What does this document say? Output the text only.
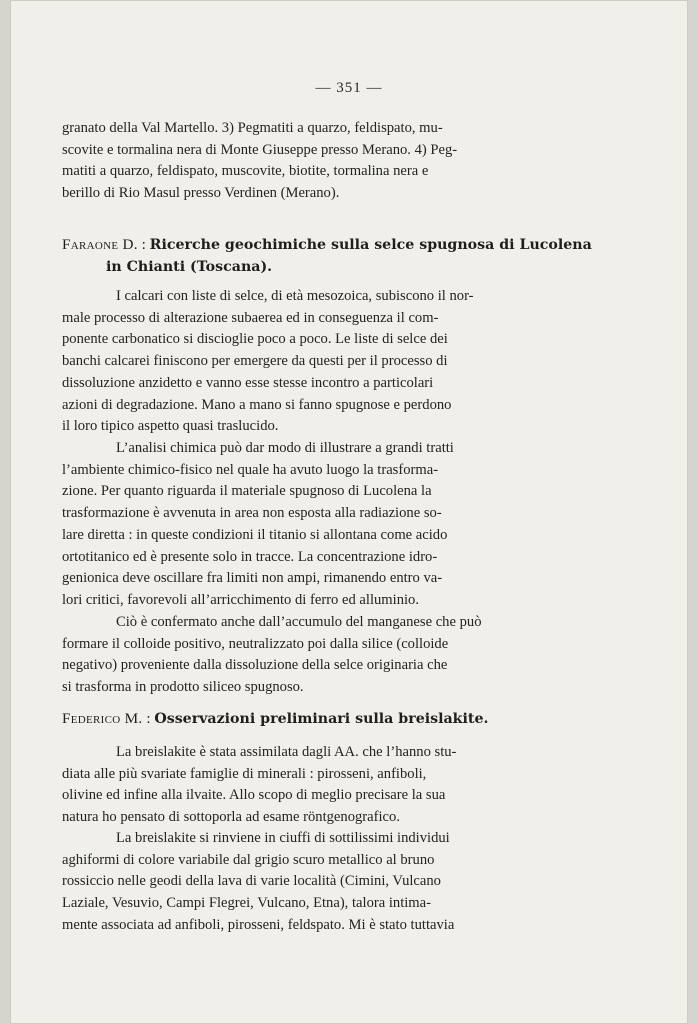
— 351 —

granato della Val Martello. 3) Pegmatiti a quarzo, feldispato, mu-

scovite e tormalina nera di Monte Giuseppe presso Merano. 4) Peg-

matiti a quarzo, feldispato, muscovite, biotite, tormalina nera e

berillo di Rio Masul presso Verdinen (Merano).

Faraone D. : Ricerche geochimiche sulla selce spugnosa di Lucolena
in Chianti (Toscana).

I calcari con liste di selce, di età mesozoica, subiscono il nor-

male processo di alterazione subaerea ed in conseguenza il com-

ponente carbonatico si discioglie poco a poco. Le liste di selce dei

banchi calcarei finiscono per emergere da questi per il processo di

dissoluzione anzidetto e vanno esse stesse incontro a particolari

azioni di degradazione. Mano a mano si fanno spugnose e perdono

il loro tipico aspetto quasi traslucido.

L’analisi chimica può dar modo di illustrare a grandi tratti

l’ambiente chimico-fisico nel quale ha avuto luogo la trasforma-

zione. Per quanto riguarda il materiale spugnoso di Lucolena la

trasformazione è avvenuta in area non esposta alla radiazione so-

lare diretta : in queste condizioni il titanio si allontana come acido

ortotitanico ed è presente solo in tracce. La concentrazione idro-

genionica deve oscillare fra limiti non ampi, rimanendo entro va-

lori critici, favorevoli all’arricchimento di ferro ed alluminio.

Ciò è confermato anche dall’accumulo del manganese che può

formare il colloide positivo, neutralizzato poi dalla silice (colloide

negativo) proveniente dalla dissoluzione della selce originaria che

si trasforma in prodotto siliceo spugnoso.

Federico M. : Osservazioni preliminari sulla breislakite.

La breislakite è stata assimilata dagli AA. che l’hanno stu-

diata alle più svariate famiglie di minerali : pirosseni, anfiboli,

olivine ed infine alla ilvaite. Allo scopo di meglio precisare la sua

natura ho pensato di sottoporla ad esame röntgenografico.

La breislakite si rinviene in ciuffi di sottilissimi individui

aghiformi di colore variabile dal grigio scuro metallico al bruno

rossiccio nelle geodi della lava di varie località (Cimini, Vulcano

Laziale, Vesuvio, Campi Flegrei, Vulcano, Etna), talora intima-

mente associata ad anfiboli, pirosseni, feldspato. Mi è stato tuttavia
